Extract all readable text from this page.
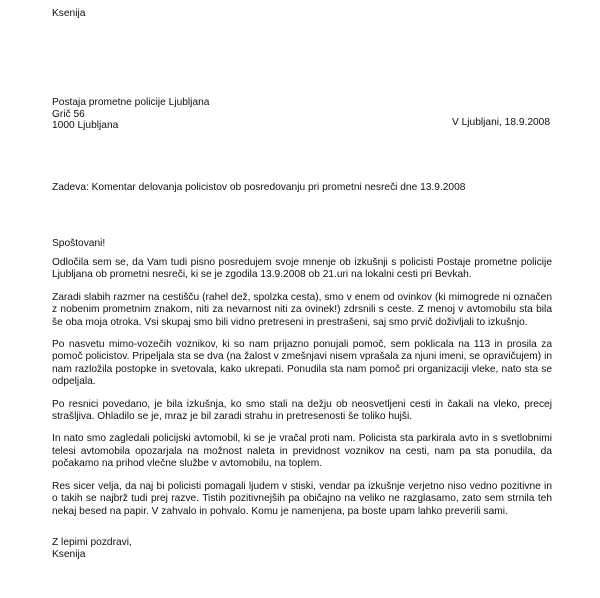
Ksenija
Postaja prometne policije Ljubljana
Grič 56
1000 Ljubljana	V Ljubljani, 18.9.2008
Zadeva: Komentar delovanja policistov ob posredovanju pri prometni nesreči dne 13.9.2008
Spoštovani!

Odločila sem se, da Vam tudi pisno posredujem svoje mnenje ob izkušnji s policisti Postaje prometne policije Ljubljana ob prometni nesreči, ki se je zgodila 13.9.2008 ob 21.uri na lokalni cesti pri Bevkah.

Zaradi slabih razmer na cestišču (rahel dež, spolzka cesta), smo v enem od ovinkov (ki mimogrede ni označen z nobenim prometnim znakom, niti za nevarnost niti za ovinek!) zdrsnili s ceste. Z menoj v avtomobilu sta bila še oba moja otroka. Vsi skupaj smo bili vidno pretreseni in prestrašeni, saj smo prvič doživljali to izkušnjo.

Po nasvetu mimo-vozečih voznikov, ki so nam prijazno ponujali pomoč, sem poklicala na 113 in prosila za pomoč policistov. Pripeljala sta se dva (na žalost v zmešnjavi nisem vprašala za njuni imeni, se opravičujem) in nam razložila postopke in svetovala, kako ukrepati. Ponudila sta nam pomoč pri organizaciji vleke, nato sta se odpeljala.

Po resnici povedano, je bila izkušnja, ko smo stali na dežju ob neosvetljeni cesti in čakali na vleko, precej strašljiva. Ohladilo se je, mraz je bil zaradi strahu in pretresenosti še toliko hujši.

In nato smo zagledali policijski avtomobil, ki se je vračal proti nam. Policista sta parkirala avto in s svetlobnimi telesi avtomobila opozarjala na možnost naleta in previdnost voznikov na cesti, nam pa sta ponudila, da počakamo na prihod vlečne službe v avtomobilu, na toplem.

Res sicer velja, da naj bi policisti pomagali ljudem v stiski, vendar pa izkušnje verjetno niso vedno pozitivne in o takih se najbrž tudi prej razve. Tistih pozitivnejših pa običajno na veliko ne razglasamo, zato sem strnila teh nekaj besed na papir. V zahvalo in pohvalo. Komu je namenjena, pa boste upam lahko preverili sami.

Z lepimi pozdravi,
Ksenija
